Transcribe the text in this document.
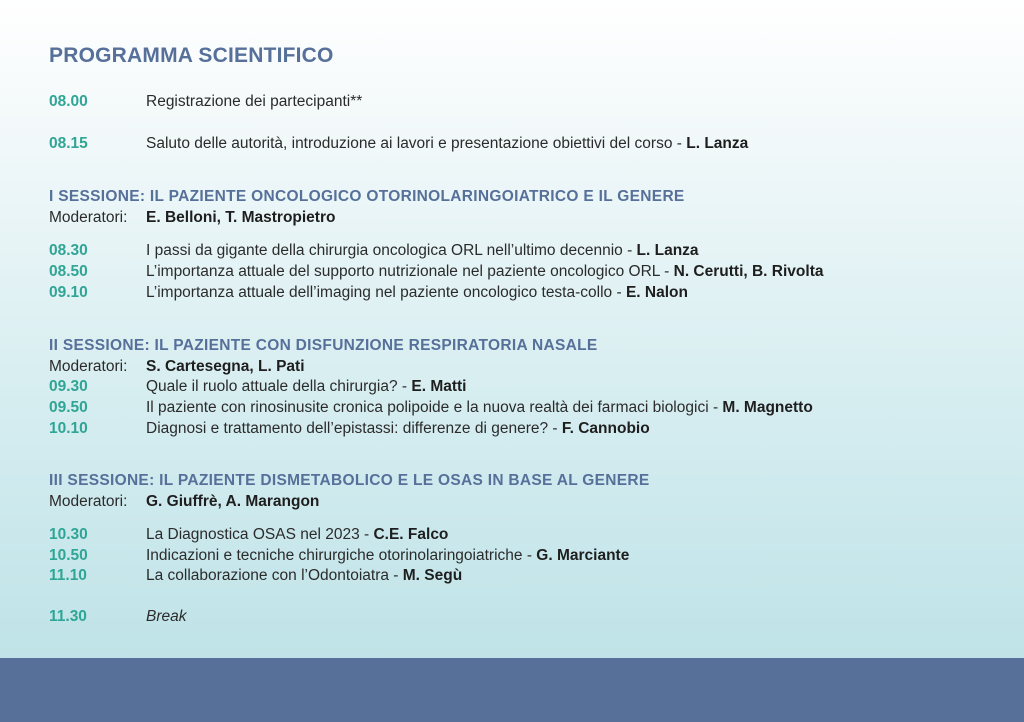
PROGRAMMA SCIENTIFICO
08.00	Registrazione dei partecipanti**
08.15	Saluto delle autorità, introduzione ai lavori e presentazione obiettivi del corso - L. Lanza
I SESSIONE: IL PAZIENTE ONCOLOGICO OTORINOLARINGOIATRICO E IL GENERE
Moderatori: E. Belloni, T. Mastropietro
08.30	I passi da gigante della chirurgia oncologica ORL nell’ultimo decennio - L. Lanza
08.50	L’importanza attuale del supporto nutrizionale nel paziente oncologico ORL - N. Cerutti, B. Rivolta
09.10	L’importanza attuale dell’imaging nel paziente oncologico testa-collo - E. Nalon
II SESSIONE: IL PAZIENTE CON DISFUNZIONE RESPIRATORIA NASALE
Moderatori: S. Cartesegna, L. Pati
09.30	Quale il ruolo attuale della chirurgia? - E. Matti
09.50	Il paziente con rinosinusite cronica polipoide e la nuova realtà dei farmaci biologici - M. Magnetto
10.10	Diagnosi e trattamento dell’epistassi: differenze di genere? - F. Cannobio
III SESSIONE: IL PAZIENTE DISMETABOLICO E LE OSAS IN BASE AL GENERE
Moderatori: G. Giuffrè, A. Marangon
10.30	La Diagnostica OSAS nel 2023 - C.E. Falco
10.50	Indicazioni e tecniche chirurgiche otorinolaringoiatriche - G. Marciante
11.10	La collaborazione con l’Odontoiatra - M. Segù
11.30	Break
